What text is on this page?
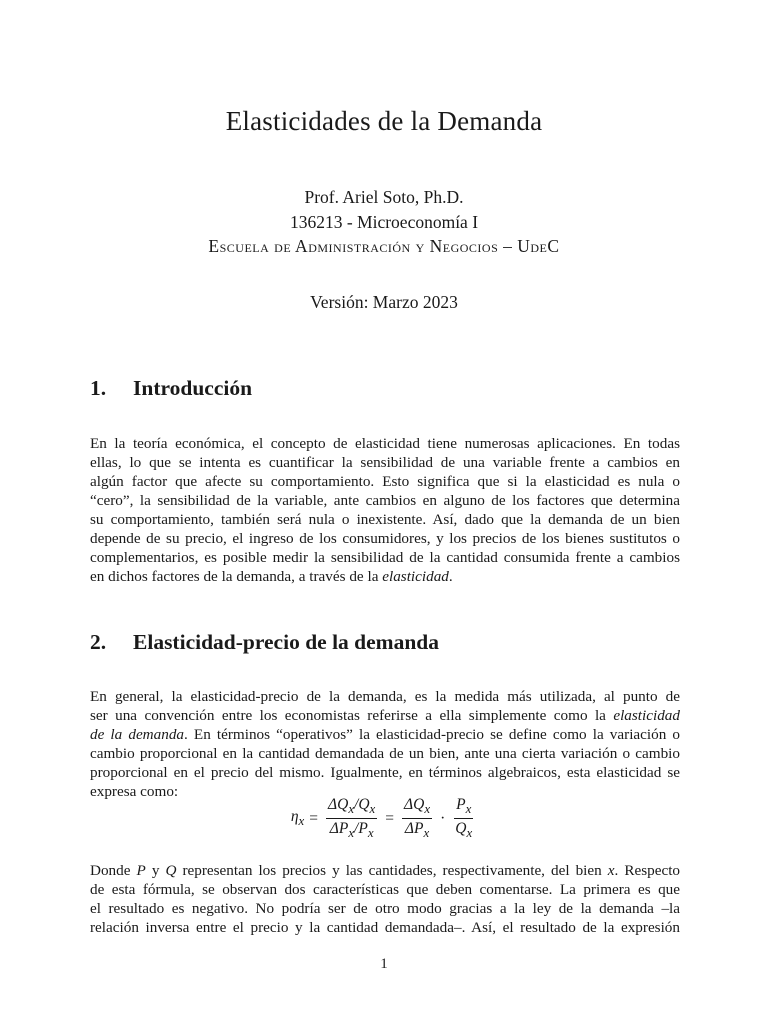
Elasticidades de la Demanda
Prof. Ariel Soto, Ph.D.
136213 - Microeconomía I
Escuela de Administración y Negocios – UdeC
Versión: Marzo 2023
1. Introducción
En la teoría económica, el concepto de elasticidad tiene numerosas aplicaciones. En todas
ellas, lo que se intenta es cuantificar la sensibilidad de una variable frente a cambios en
algún factor que afecte su comportamiento. Esto significa que si la elasticidad es nula o
“cero”, la sensibilidad de la variable, ante cambios en alguno de los factores que determina
su comportamiento, también será nula o inexistente. Así, dado que la demanda de un bien
depende de su precio, el ingreso de los consumidores, y los precios de los bienes sustitutos o
complementarios, es posible medir la sensibilidad de la cantidad consumida frente a cambios
en dichos factores de la demanda, a través de la elasticidad.
2. Elasticidad-precio de la demanda
En general, la elasticidad-precio de la demanda, es la medida más utilizada, al punto de
ser una convención entre los economistas referirse a ella simplemente como la elasticidad
de la demanda. En términos “operativos” la elasticidad-precio se define como la variación o
cambio proporcional en la cantidad demandada de un bien, ante una cierta variación o cambio
proporcional en el precio del mismo. Igualmente, en términos algebraicos, esta elasticidad se
expresa como:
$\eta_x = \frac{\Delta Q_x/Q_x}{\Delta P_x/P_x} = \frac{\Delta Q_x}{\Delta P_x} \cdot \frac{P_x}{Q_x}$
Donde P y Q representan los precios y las cantidades, respectivamente, del bien x. Respecto
de esta fórmula, se observan dos características que deben comentarse. La primera es que
el resultado es negativo. No podría ser de otro modo gracias a la ley de la demanda –la
relación inversa entre el precio y la cantidad demandada–. Así, el resultado de la expresión
1
